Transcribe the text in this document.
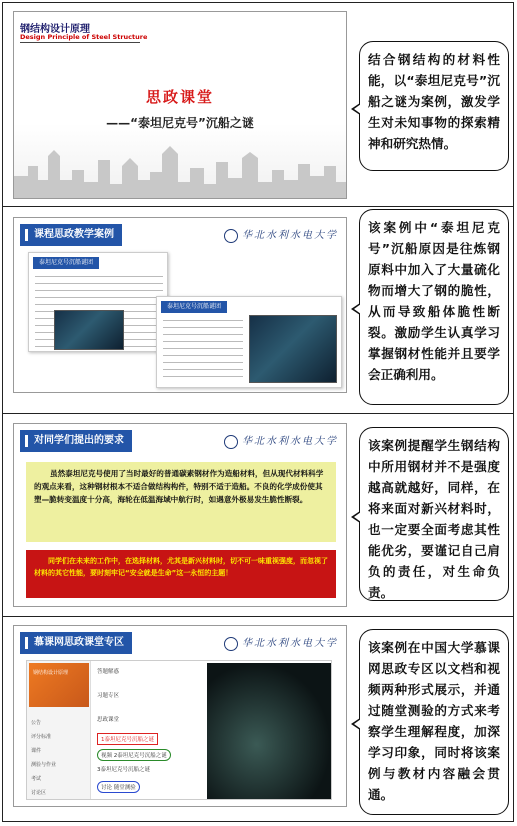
钢结构设计原理
Design Principle of Steel Structure
思政课堂
——“泰坦尼克号”沉船之谜
结合钢结构的材料性能，以“泰坦尼克号”沉船之谜为案例，激发学生对未知事物的探索精神和研究热情。
课程思政教学案例	华北水利水电大学
泰坦尼克号沉船谜团
泰坦尼克号沉船谜团
该案例中“泰坦尼克号”沉船原因是往炼钢原料中加入了大量硫化物而增大了钢的脆性，从而导致船体脆性断裂。激励学生认真学习掌握钢材性能并且要学会正确利用。
对同学们提出的要求	华北水利水电大学
虽然泰坦尼克号使用了当时最好的普通碳素钢材作为造船材料，但从现代材料科学的观点来看，这种钢材根本不适合做结构构件，特别不适于造船。不良的化学成份使其塑—脆转变温度十分高，海轮在低温海域中航行时，如遇意外极易发生脆性断裂。
同学们在未来的工作中，在选择材料，尤其是新兴材料时，切不可一味重视强度，而忽视了材料的其它性能，要时刻牢记“安全就是生命”这一永恒的主题！
该案例提醒学生钢结构中所用钢材并不是强度越高就越好，同样，在将来面对新兴材料时，也一定要全面考虑其性能优劣，要谨记自己肩负的责任，对生命负责。
慕课网思政课堂专区	华北水利水电大学
钢结构设计原理
公告
评分标准
课件
测验与作业
考试
讨论区
答题解惑
习题专区
思政课堂
1泰坦尼克号沉船之谜
视频 2泰坦尼克号沉船之谜
3泰坦尼克号沉船之谜
讨论 随堂测验
该案例在中国大学慕课网思政专区以文档和视频两种形式展示，并通过随堂测验的方式来考察学生理解程度，加深学习印象，同时将该案例与教材内容融会贯通。
